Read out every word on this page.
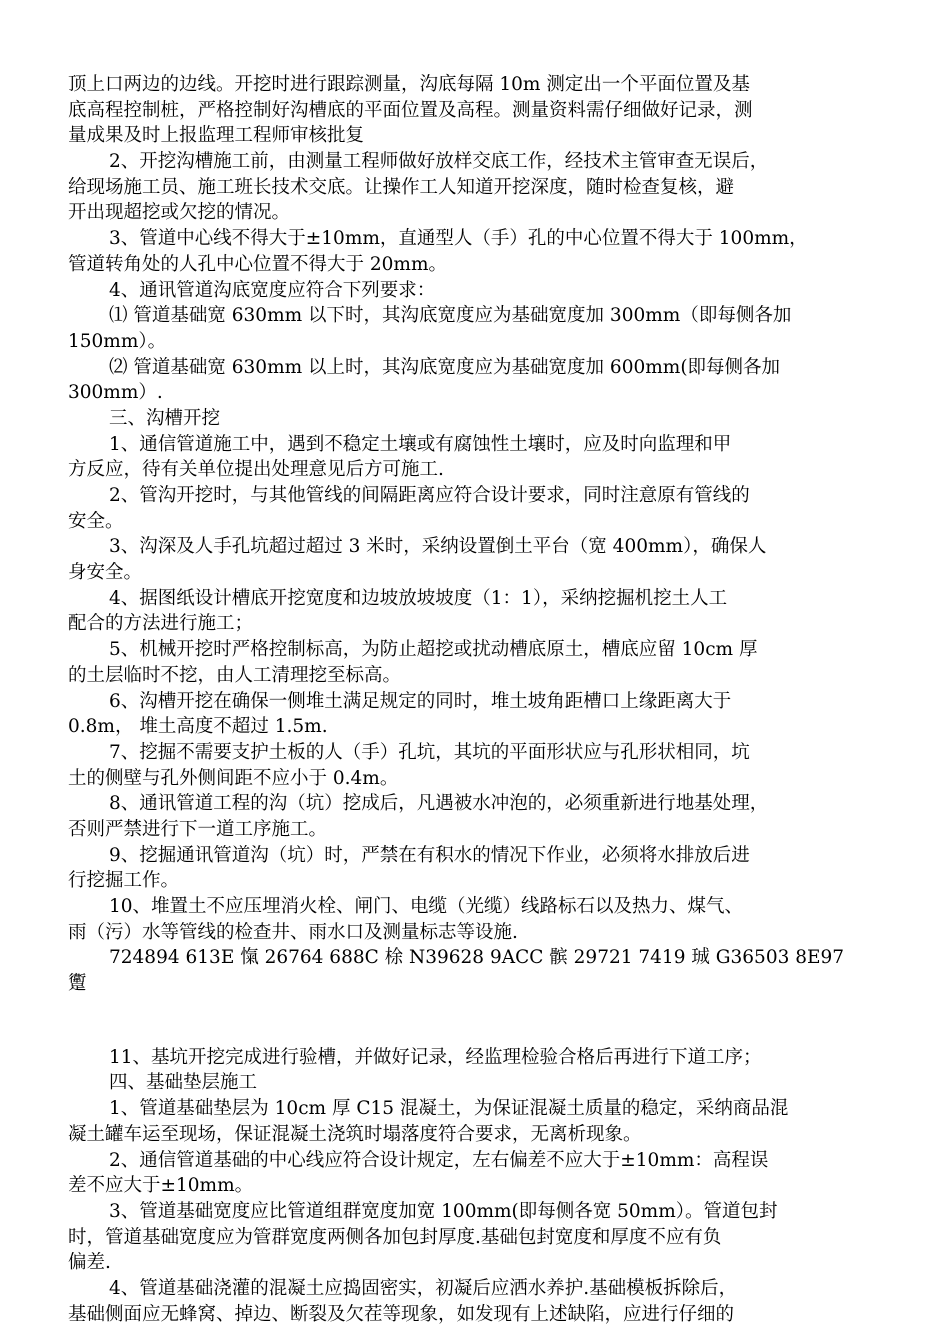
顶上口两边的边线。开挖时进行跟踪测量，沟底每隔 10m 测定出一个平面位置及基
底高程控制桩，严格控制好沟槽底的平面位置及高程。测量资料需仔细做好记录，测
量成果及时上报监理工程师审核批复
2、开挖沟槽施工前，由测量工程师做好放样交底工作，经技术主管审查无误后，
给现场施工员、施工班长技术交底。让操作工人知道开挖深度，随时检查复核，避
开出现超挖或欠挖的情况。
3、管道中心线不得大于±10mm，直通型人（手）孔的中心位置不得大于 100mm，
管道转角处的人孔中心位置不得大于 20mm。
4、通讯管道沟底宽度应符合下列要求：
⑴ 管道基础宽 630mm 以下时，其沟底宽度应为基础宽度加 300mm（即每侧各加
150mm）。
⑵ 管道基础宽 630mm 以上时，其沟底宽度应为基础宽度加 600mm(即每侧各加
300mm）.
三、沟槽开挖
1、通信管道施工中，遇到不稳定土壤或有腐蚀性土壤时，应及时向监理和甲
方反应，待有关单位提出处理意见后方可施工.
2、管沟开挖时，与其他管线的间隔距离应符合设计要求，同时注意原有管线的
安全。
3、沟深及人手孔坑超过超过 3 米时，采纳设置倒土平台（宽 400mm），确保人
身安全。
4、据图纸设计槽底开挖宽度和边坡放坡坡度（1：1），采纳挖掘机挖土人工
配合的方法进行施工；
5、机械开挖时严格控制标高，为防止超挖或扰动槽底原土，槽底应留 10cm 厚
的土层临时不挖，由人工清理挖至标高。
6、沟槽开挖在确保一侧堆土满足规定的同时，堆土坡角距槽口上缘距离大于
0.8m， 堆土高度不超过 1.5m.
7、挖掘不需要支护土板的人（手）孔坑，其坑的平面形状应与孔形状相同，坑
土的侧壁与孔外侧间距不应小于 0.4m。
8、通讯管道工程的沟（坑）挖成后，凡遇被水冲泡的，必须重新进行地基处理，
否则严禁进行下一道工序施工。
9、挖掘通讯管道沟（坑）时，严禁在有积水的情况下作业，必须将水排放后进
行挖掘工作。
10、堆置土不应压埋消火栓、闸门、电缆（光缆）线路标石以及热力、煤气、
雨（污）水等管线的检查井、雨水口及测量标志等设施.
724894 613E 愾 26764 688C 梌 N39628 9ACC 髌 29721 7419 珹 G36503 8E97
躗
11、基坑开挖完成进行验槽，并做好记录，经监理检验合格后再进行下道工序；
四、基础垫层施工
1、管道基础垫层为 10cm 厚 C15 混凝土，为保证混凝土质量的稳定，采纳商品混
凝土罐车运至现场，保证混凝土浇筑时塌落度符合要求，无离析现象。
2、通信管道基础的中心线应符合设计规定，左右偏差不应大于±10mm：高程误
差不应大于±10mm。
3、管道基础宽度应比管道组群宽度加宽 100mm(即每侧各宽 50mm）。管道包封
时，管道基础宽度应为管群宽度两侧各加包封厚度.基础包封宽度和厚度不应有负
偏差.
4、管道基础浇灌的混凝土应捣固密实，初凝后应洒水养护.基础模板拆除后，
基础侧面应无蜂窝、掉边、断裂及欠茬等现象，如发现有上述缺陷，应进行仔细的
